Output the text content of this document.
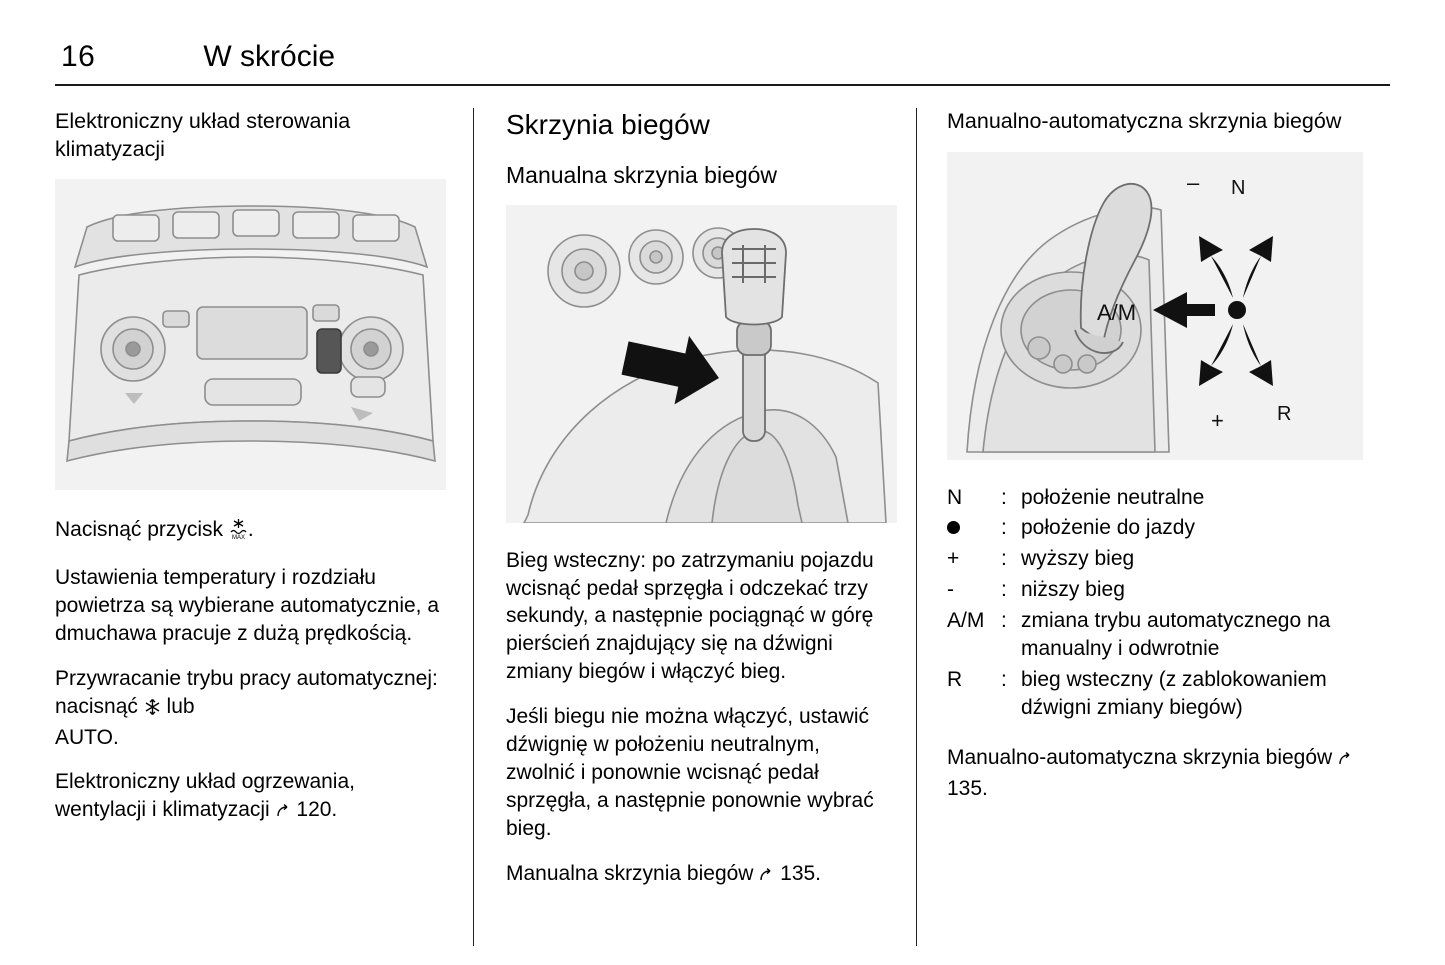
16	W skrócie
Elektroniczny układ sterowania klimatyzacji

Nacisnąć przycisk MAX .

Ustawienia temperatury i rozdziału powietrza są wybierane automatycznie, a dmuchawa pracuje z dużą prędkością.

Przywracanie trybu pracy automatycznej: nacisnąć  lub
AUTO.

Elektroniczny układ ogrzewania, wentylacji i klimatyzacji  120.

Skrzynia biegów
Manualna skrzynia biegów

Bieg wsteczny: po zatrzymaniu pojazdu wcisnąć pedał sprzęgła i odczekać trzy sekundy, a następnie pociągnąć w górę pierścień znajdujący się na dźwigni zmiany biegów i włączyć bieg.

Jeśli biegu nie można włączyć, ustawić dźwignię w położeniu neutralnym, zwolnić i ponownie wcisnąć pedał sprzęgła, a następnie ponownie wybrać bieg.

Manualna skrzynia biegów  135.

Manualno-automatyczna skrzynia biegów
N
–
A/M
+	R
N	: położenie neutralne
: położenie do jazdy
+	: wyższy bieg
-	: niższy bieg
A/M : zmiana trybu automatycznego na manualny i odwrotnie
R	: bieg wsteczny (z zablokowaniem dźwigni zmiany biegów)

Manualno-automatyczna skrzynia biegów  135.
